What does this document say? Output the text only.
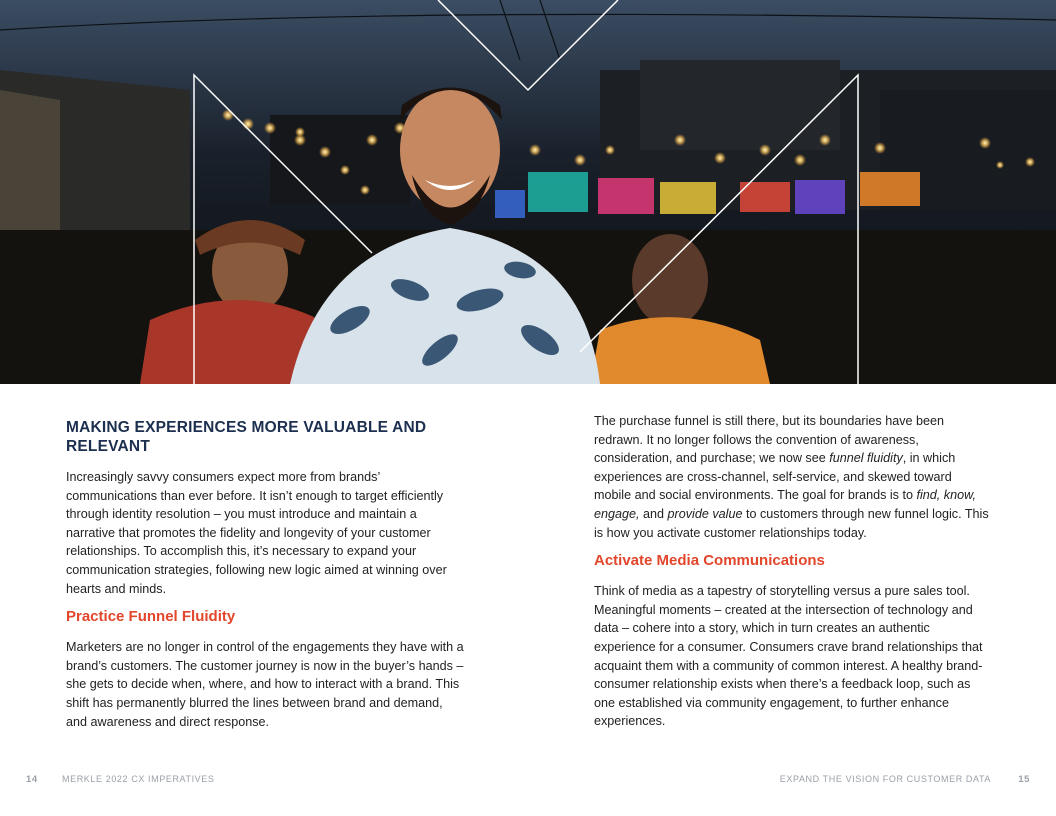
MAKING EXPERIENCES MORE VALUABLE AND RELEVANT

Increasingly savvy consumers expect more from brands’ communications than ever before. It isn’t enough to target efficiently through identity resolution – you must introduce and maintain a narrative that promotes the fidelity and longevity of your customer relationships. To accomplish this, it’s necessary to expand your communication strategies, following new logic aimed at winning over hearts and minds.

Practice Funnel Fluidity

Marketers are no longer in control of the engagements they have with a brand’s customers. The customer journey is now in the buyer’s hands – she gets to decide when, where, and how to interact with a brand. This shift has permanently blurred the lines between brand and demand, and awareness and direct response.

The purchase funnel is still there, but its boundaries have been redrawn. It no longer follows the convention of awareness, consideration, and purchase; we now see funnel fluidity, in which experiences are cross-channel, self-service, and skewed toward mobile and social environments. The goal for brands is to find, know, engage, and provide value to customers through new funnel logic. This is how you activate customer relationships today.

Activate Media Communications

Think of media as a tapestry of storytelling versus a pure sales tool. Meaningful moments – created at the intersection of technology and data – cohere into a story, which in turn creates an authentic experience for a consumer. Consumers crave brand relationships that acquaint them with a community of common interest. A healthy brand-consumer relationship exists when there’s a feedback loop, such as one established via community engagement, to further enhance experiences.

14	MERKLE 2022 CX IMPERATIVES	EXPAND THE VISION FOR CUSTOMER DATA	15
